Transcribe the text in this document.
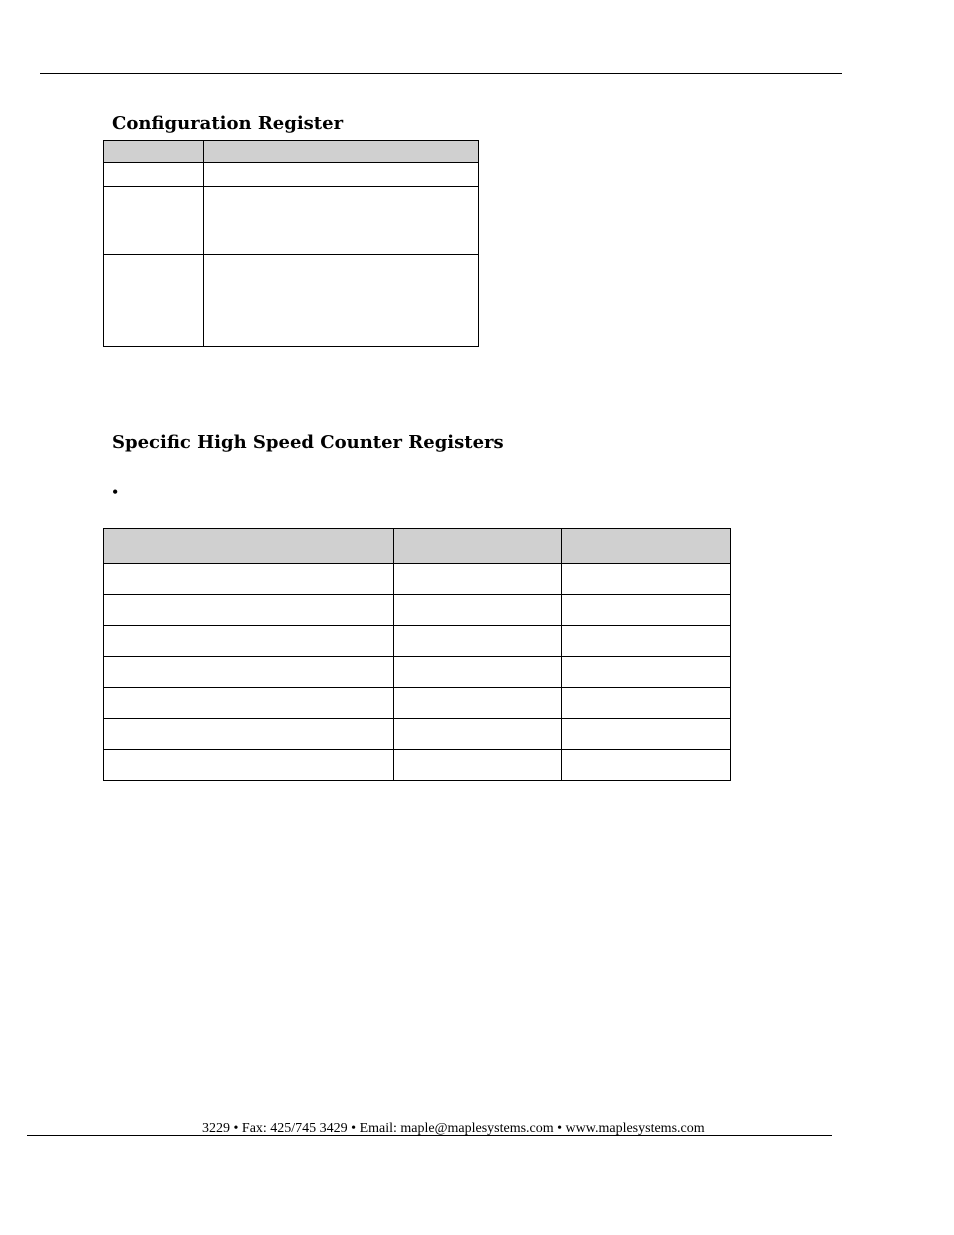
Configuration Register

Specific High Speed Counter Registers
•

3229 • Fax: 425/745 3429 • Email: maple@maplesystems.com • www.maplesystems.com
